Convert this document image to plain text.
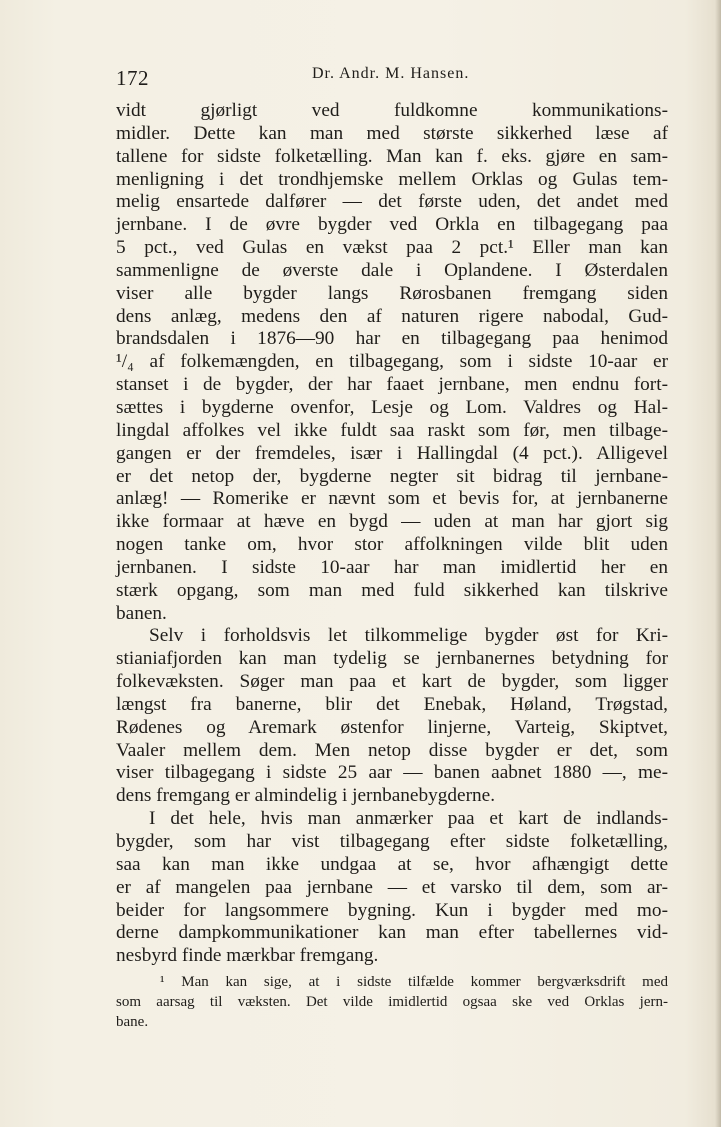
172	Dr. Andr. M. Hansen.
vidt gjørligt ved fuldkomne kommunikations-
midler. Dette kan man med største sikkerhed læse af
tallene for sidste folketælling. Man kan f. eks. gjøre en sam-
menligning i det trondhjemske mellem Orklas og Gulas tem-
melig ensartede dalfører — det første uden, det andet med
jernbane. I de øvre bygder ved Orkla en tilbagegang paa
5 pct., ved Gulas en vækst paa 2 pct.¹ Eller man kan
sammenligne de øverste dale i Oplandene. I Østerdalen
viser alle bygder langs Rørosbanen fremgang siden
dens anlæg, medens den af naturen rigere nabodal, Gud-
brandsdalen i 1876—90 har en tilbagegang paa henimod
¹/₄ af folkemængden, en tilbagegang, som i sidste 10-aar er
stanset i de bygder, der har faaet jernbane, men endnu fort-
sættes i bygderne ovenfor, Lesje og Lom. Valdres og Hal-
lingdal affolkes vel ikke fuldt saa raskt som før, men tilbage-
gangen er der fremdeles, især i Hallingdal (4 pct.). Alligevel
er det netop der, bygderne negter sit bidrag til jernbane-
anlæg! — Romerike er nævnt som et bevis for, at jernbanerne
ikke formaar at hæve en bygd — uden at man har gjort sig
nogen tanke om, hvor stor affolkningen vilde blit uden
jernbanen. I sidste 10-aar har man imidlertid her en
stærk opgang, som man med fuld sikkerhed kan tilskrive
banen.
Selv i forholdsvis let tilkommelige bygder øst for Kri-
stianiafjorden kan man tydelig se jernbanernes betydning for
folkevæksten. Søger man paa et kart de bygder, som ligger
længst fra banerne, blir det Enebak, Høland, Trøgstad,
Rødenes og Aremark østenfor linjerne, Varteig, Skiptvet,
Vaaler mellem dem. Men netop disse bygder er det, som
viser tilbagegang i sidste 25 aar — banen aabnet 1880 —, me-
dens fremgang er almindelig i jernbanebygderne.
I det hele, hvis man anmærker paa et kart de indlands-
bygder, som har vist tilbagegang efter sidste folketælling,
saa kan man ikke undgaa at se, hvor afhængigt dette
er af mangelen paa jernbane — et varsko til dem, som ar-
beider for langsommere bygning. Kun i bygder med mo-
derne dampkommunikationer kan man efter tabellernes vid-
nesbyrd finde mærkbar fremgang.
¹ Man kan sige, at i sidste tilfælde kommer bergværksdrift med
som aarsag til væksten. Det vilde imidlertid ogsaa ske ved Orklas jern-
bane.
